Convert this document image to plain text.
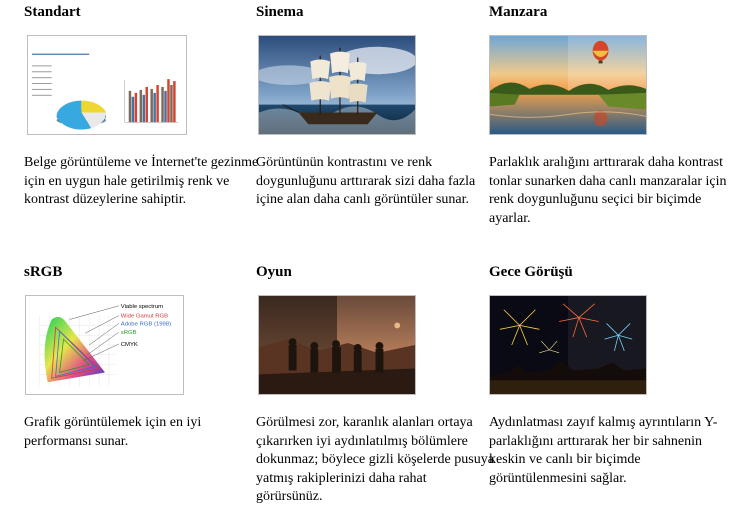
Standart

Belge görüntüleme ve İnternet'te gezinme için en uygun hale getirilmiş renk ve kontrast düzeylerine sahiptir.

Sinema

Görüntünün kontrastını ve renk doygunluğunu arttırarak sizi daha fazla içine alan daha canlı görüntüler sunar.

Manzara

Parlaklık aralığını arttırarak daha kontrast tonlar sunarken daha canlı manzaralar için renk doygunluğunu seçici bir biçimde ayarlar.

sRGB

Viable spectrum
Wide Gamut RGB
Adobe RGB (1998)
sRGB
CMYK

Grafik görüntülemek için en iyi performansı sunar.

Oyun

Görülmesi zor, karanlık alanları ortaya çıkarırken iyi aydınlatılmış bölümlere dokunmaz; böylece gizli köşelerde pusuya yatmış rakiplerinizi daha rahat görürsünüz.

Gece Görüşü

Aydınlatması zayıf kalmış ayrıntıların Y-parlaklığını arttırarak her bir sahnenin keskin ve canlı bir biçimde görüntülenmesini sağlar.
